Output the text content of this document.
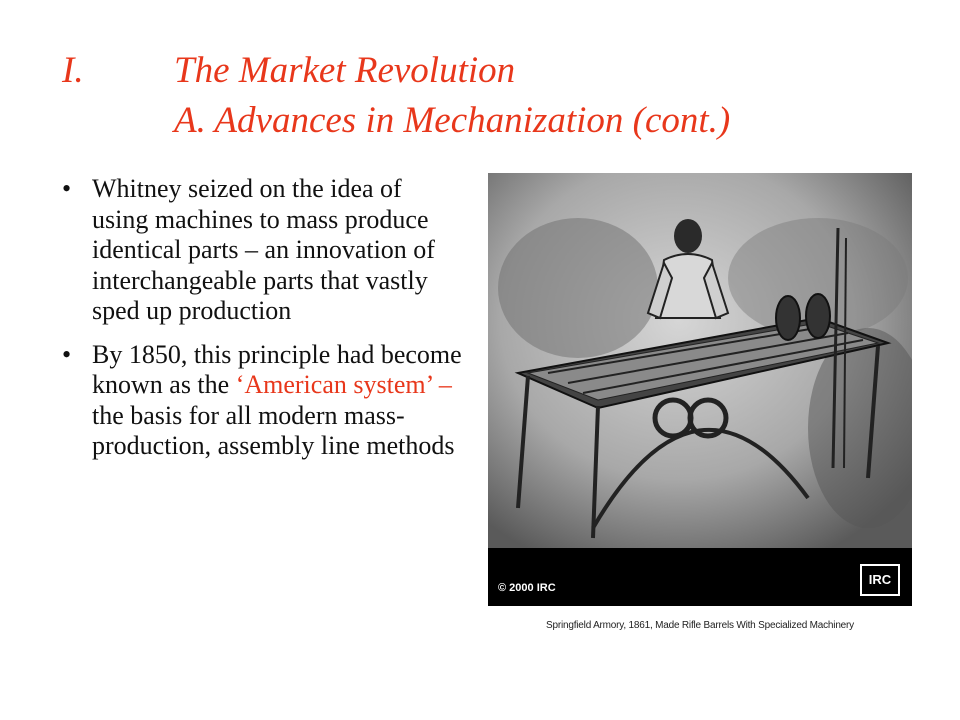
I. The Market Revolution
A. Advances in Mechanization (cont.)
• Whitney seized on the idea of using machines to mass produce identical parts – an innovation of interchangeable parts that vastly sped up production
• By 1850, this principle had become known as the ‘American system’ – the basis for all modern mass-production, assembly line methods
© 2000 IRC
IRC
Springfield Armory, 1861, Made Rifle Barrels With Specialized Machinery
